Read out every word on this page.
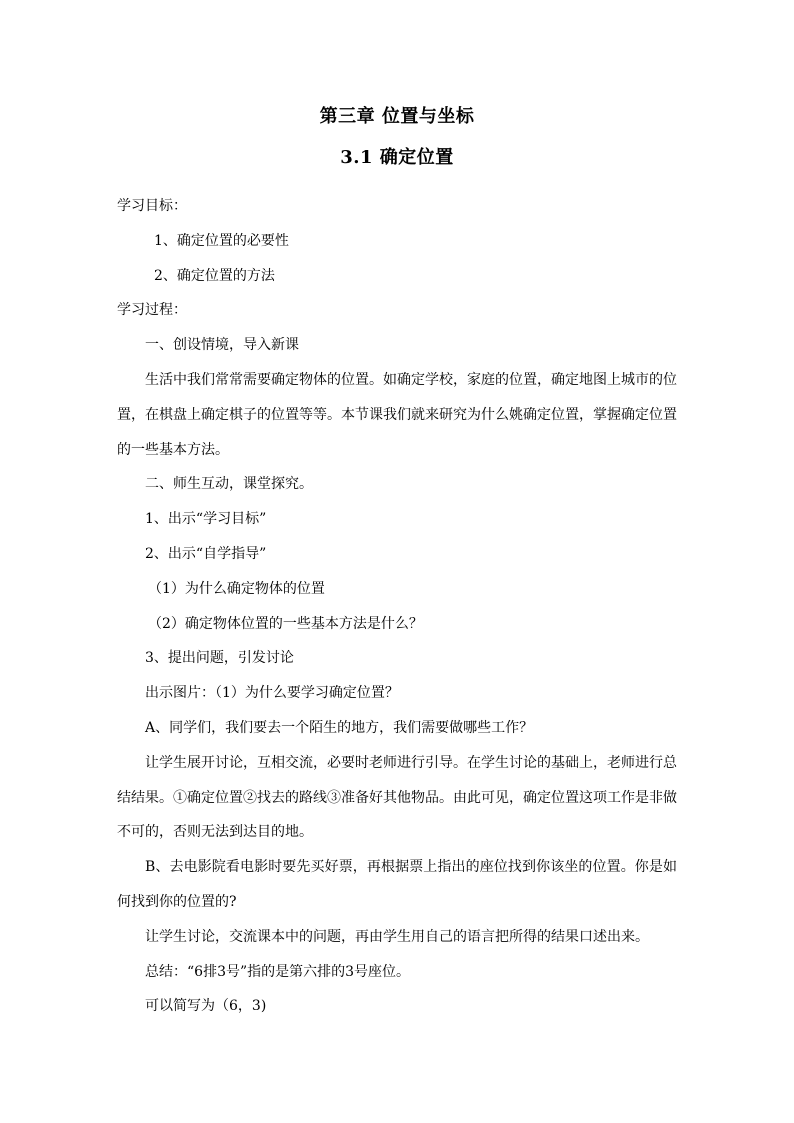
第三章 位置与坐标
3.1 确定位置

学习目标：

1、确定位置的必要性

2、确定位置的方法

学习过程：

一、创设情境，导入新课

生活中我们常常需要确定物体的位置。如确定学校，家庭的位置，确定地图上城市的位置，在棋盘上确定棋子的位置等等。本节课我们就来研究为什么姚确定位置，掌握确定位置的一些基本方法。

二、师生互动，课堂探究。

1、出示“学习目标”

2、出示“自学指导”

（1）为什么确定物体的位置

（2）确定物体位置的一些基本方法是什么？

3、提出问题，引发讨论

出示图片：（1）为什么要学习确定位置？

A、同学们，我们要去一个陌生的地方，我们需要做哪些工作？

让学生展开讨论，互相交流，必要时老师进行引导。在学生讨论的基础上，老师进行总结结果。①确定位置②找去的路线③准备好其他物品。由此可见，确定位置这项工作是非做不可的，否则无法到达目的地。

B、去电影院看电影时要先买好票，再根据票上指出的座位找到你该坐的位置。你是如何找到你的位置的?

让学生讨论，交流课本中的问题，再由学生用自己的语言把所得的结果口述出来。

总结：“6排3号”指的是第六排的3号座位。

可以简写为（6，3)
